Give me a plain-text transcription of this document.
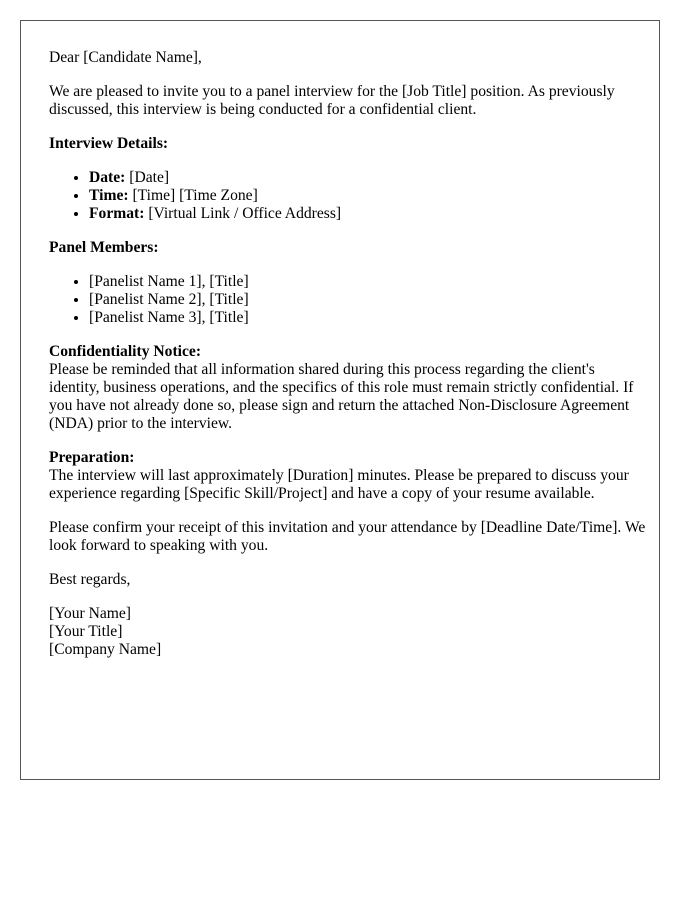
Dear [Candidate Name],

We are pleased to invite you to a panel interview for the [Job Title] position. As previously discussed, this interview is being conducted for a confidential client.

Interview Details:
• Date: [Date]
• Time: [Time] [Time Zone]
• Format: [Virtual Link / Office Address]
Panel Members:
• [Panelist Name 1], [Title]
• [Panelist Name 2], [Title]
• [Panelist Name 3], [Title]
Confidentiality Notice:

Please be reminded that all information shared during this process regarding the client's identity, business operations, and the specifics of this role must remain strictly confidential. If you have not already done so, please sign and return the attached Non-Disclosure Agreement (NDA) prior to the interview.

Preparation:

The interview will last approximately [Duration] minutes. Please be prepared to discuss your experience regarding [Specific Skill/Project] and have a copy of your resume available.

Please confirm your receipt of this invitation and your attendance by [Deadline Date/Time]. We look forward to speaking with you.

Best regards,

[Your Name]
[Your Title]
[Company Name]
